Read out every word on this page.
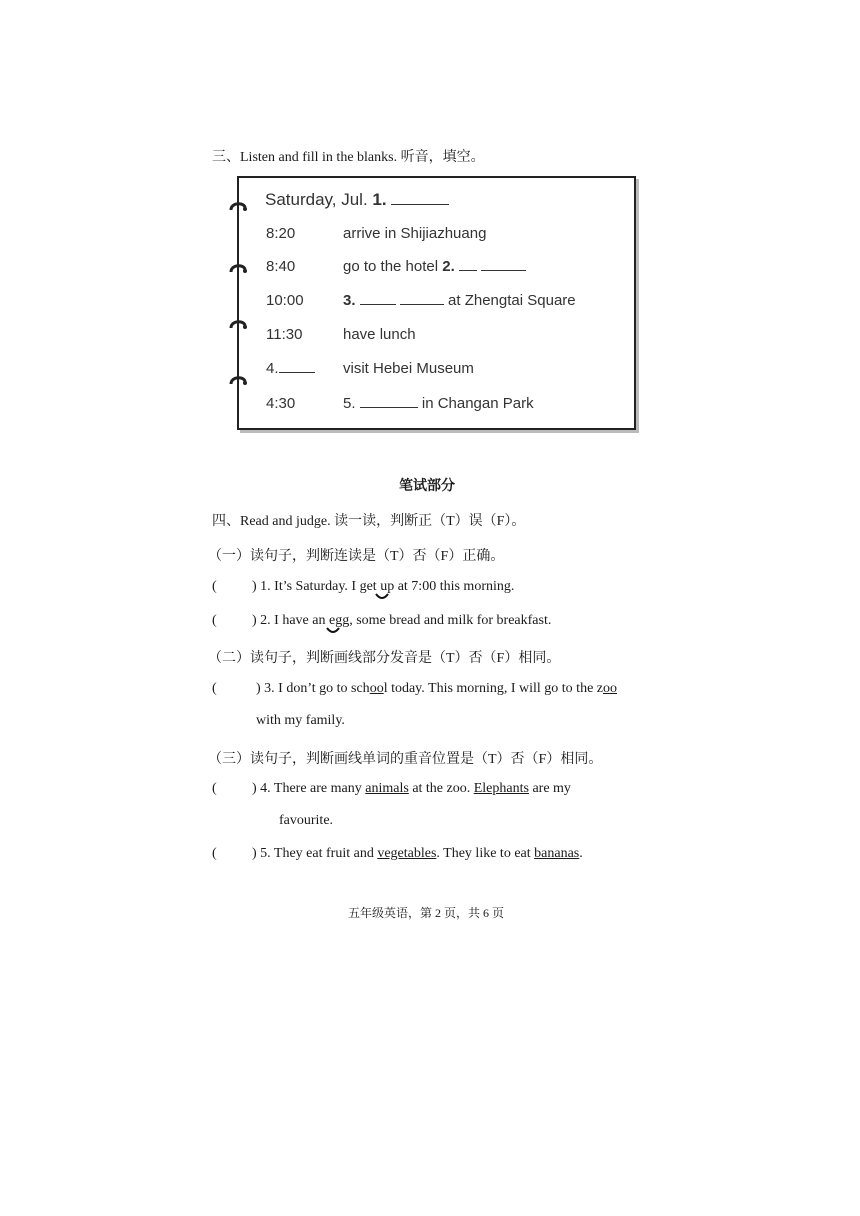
三、Listen and fill in the blanks. 听音，填空。
Saturday, Jul. 1.
8:20	arrive in Shijiazhuang
8:40	go to the hotel 2.
10:00	3.	at Zhengtai Square
11:30	have lunch
4.	visit Hebei Museum
4:30	5.	in Changan Park
笔试部分
四、Read and judge. 读一读，判断正（T）误（F）。
（一）读句子，判断连读是（T）否（F）正确。
(	) 1. It’s Saturday. I get up at 7:00 this morning.
(	) 2. I have an egg, some bread and milk for breakfast.
（二）读句子，判断画线部分发音是（T）否（F）相同。
(	) 3. I don’t go to school today. This morning, I will go to the zoo
with my family.
（三）读句子，判断画线单词的重音位置是（T）否（F）相同。
(	) 4. There are many animals at the zoo. Elephants are my
favourite.
(	) 5. They eat fruit and vegetables. They like to eat bananas.
五年级英语，第 2 页，共 6 页
